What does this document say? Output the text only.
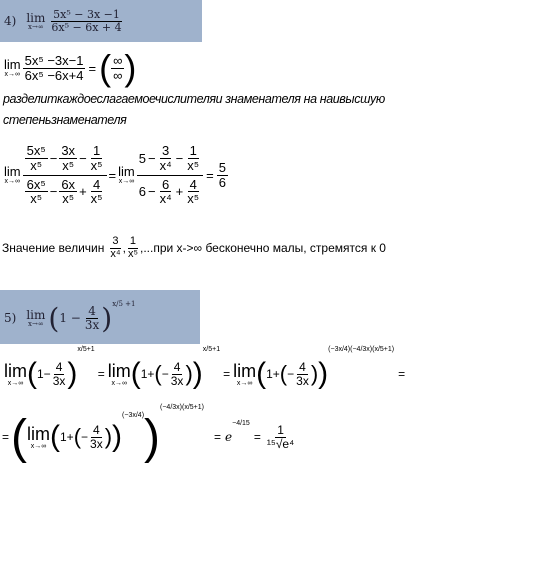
4) lim
$x\to\infty \frac{\text{5x⁵ − 3x −1}}{\text{6x⁵ − 6x + 4}}$
lim
$x\to\infty \frac{\text{5x⁵ −3x−1}}{\text{6x⁵ −6x+4}}$ = ( $\frac{\infty}{\infty}$ )
разделиткаждоеслагаемоечислителяи знаменателя на наивысшую
степеньзнаменателя
lim
$x\to\infty \frac{\frac{\text{5x⁵}}{\text{x⁵}} - \frac{3x}{\text{x⁵}} - \frac{1}{\text{x⁵}}}{\frac{\text{6x⁵}}{\text{x⁵}} - \frac{6x}{\text{x⁵}} + \frac{4}{\text{x⁵}}} = \lim$
$x\to\infty \frac{5 - \frac{3}{\text{x⁴}} - \frac{1}{\text{x⁵}}}{6 - \frac{6}{\text{x⁴}} + \frac{4}{\text{x⁵}}} = \frac{5}{6}$
Значение величин $\frac{3}{\text{x⁴}}$ , $\frac{1}{\text{x⁵}} ,...при$ x->∞ бесконечно малы, стремятся к 0
5) lim
x→∞ ( $1 - \frac{4}{3x}$ ) x/5 +1
lim
x→∞ ( $1- \frac{4}{3x}$ )
x/5+1
= lim
x→∞ ( 1+ ( − $\frac{4}{3x}$ ) )
x/5+1
= lim
x→∞ ( 1+ ( − $\frac{4}{3x}$ ) )
(−3x/4)(−4/3x)(x/5+1)
=
= ( lim
x→∞ ( 1+ ( − $\frac{4}{3x}$ ) )
(−3x/4) )
(−4/3x)(x/5+1)
= e
−4/15
= $\frac{1}{\text{¹⁵√e⁴}}$
